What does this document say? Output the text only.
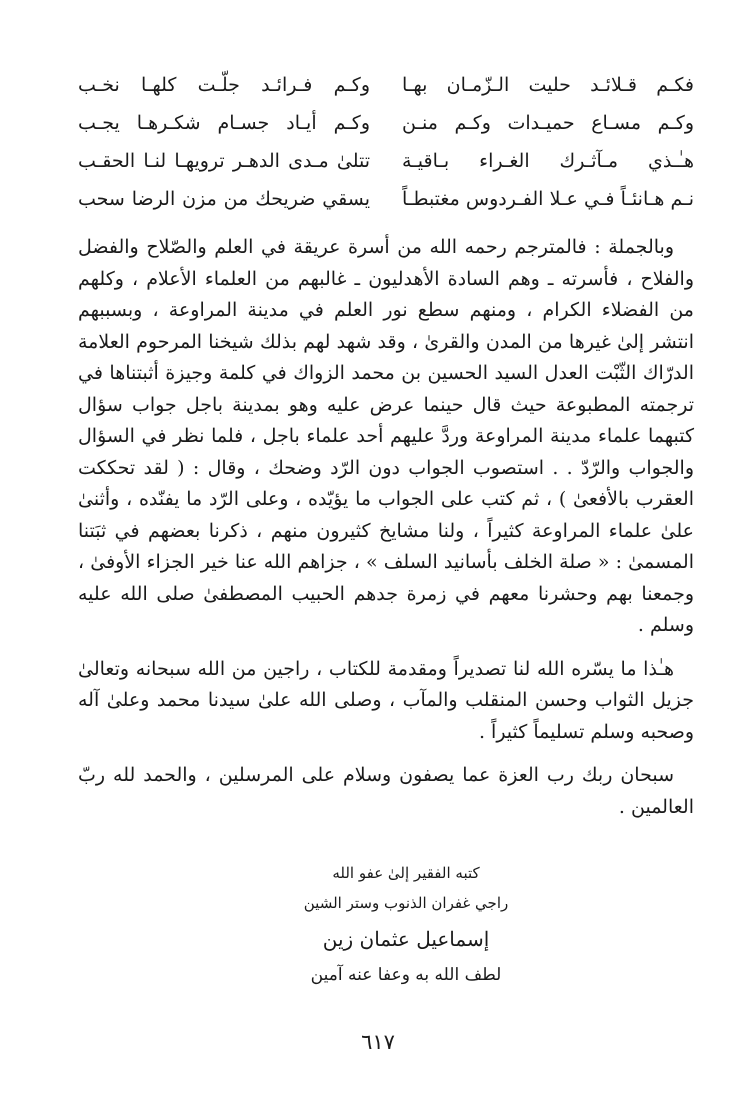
فكـم قـلائـد حليت الـزّمـان بهـا
وكـم فـرائـد جلّـت كلهـا نخـب
وكـم مسـاع حميـدات وكـم منـن
وكـم أيـاد جسـام شكـرهـا يجـب
هـٰـذي مـآثـرك الغـراء بـاقيـة
تتلىٰ مـدى الدهـر ترويهـا لنـا الحقـب
نـم هـانئـاً فـي عـلا الفـردوس مغتبطـاً
يسقي ضريحك من مزن الرضا سحب

وبالجملة : فالمترجم رحمه الله من أسرة عريقة في العلم والصّلاح والفضل والفلاح ، فأسرته ـ وهم السادة الأهدليون ـ غالبهم من العلماء الأعلام ، وكلهم من الفضلاء الكرام ، ومنهم سطع نور العلم في مدينة المراوعة ، وبسببهم انتشر إلىٰ غيرها من المدن والقرىٰ ، وقد شهد لهم بذلك شيخنا المرحوم العلامة الدرّاك الثّبْت العدل السيد الحسين بن محمد الزواك في كلمة وجيزة أثبتناها في ترجمته المطبوعة حيث قال حينما عرض عليه وهو بمدينة باجل جواب سؤال كتبهما علماء مدينة المراوعة وردَّ عليهم أحد علماء باجل ، فلما نظر في السؤال والجواب والرّدّ . . استصوب الجواب دون الرّد وضحك ، وقال : ( لقد تحككت العقرب بالأفعىٰ ) ، ثم كتب على الجواب ما يؤيّده ، وعلى الرّد ما يفنّده ، وأثنىٰ علىٰ علماء المراوعة كثيراً ، ولنا مشايخ كثيرون منهم ، ذكرنا بعضهم في ثبَتنا المسمىٰ : « صلة الخلف بأسانيد السلف » ، جزاهم الله عنا خير الجزاء الأوفىٰ ، وجمعنا بهم وحشرنا معهم في زمرة جدهم الحبيب المصطفىٰ صلى الله عليه وسلم .

هـٰذا ما يسّره الله لنا تصديراً ومقدمة للكتاب ، راجين من الله سبحانه وتعالىٰ جزيل الثواب وحسن المنقلب والمآب ، وصلى الله علىٰ سيدنا محمد وعلىٰ آله وصحبه وسلم تسليماً كثيراً .

سبحان ربك رب العزة عما يصفون وسلام على المرسلين ، والحمد لله ربّ العالمين .

كتبه الفقير إلىٰ عفو الله
راجي غفران الذنوب وستر الشين
إسماعيل عثمان زين
لطف الله به وعفا عنه آمين
٦١٧
